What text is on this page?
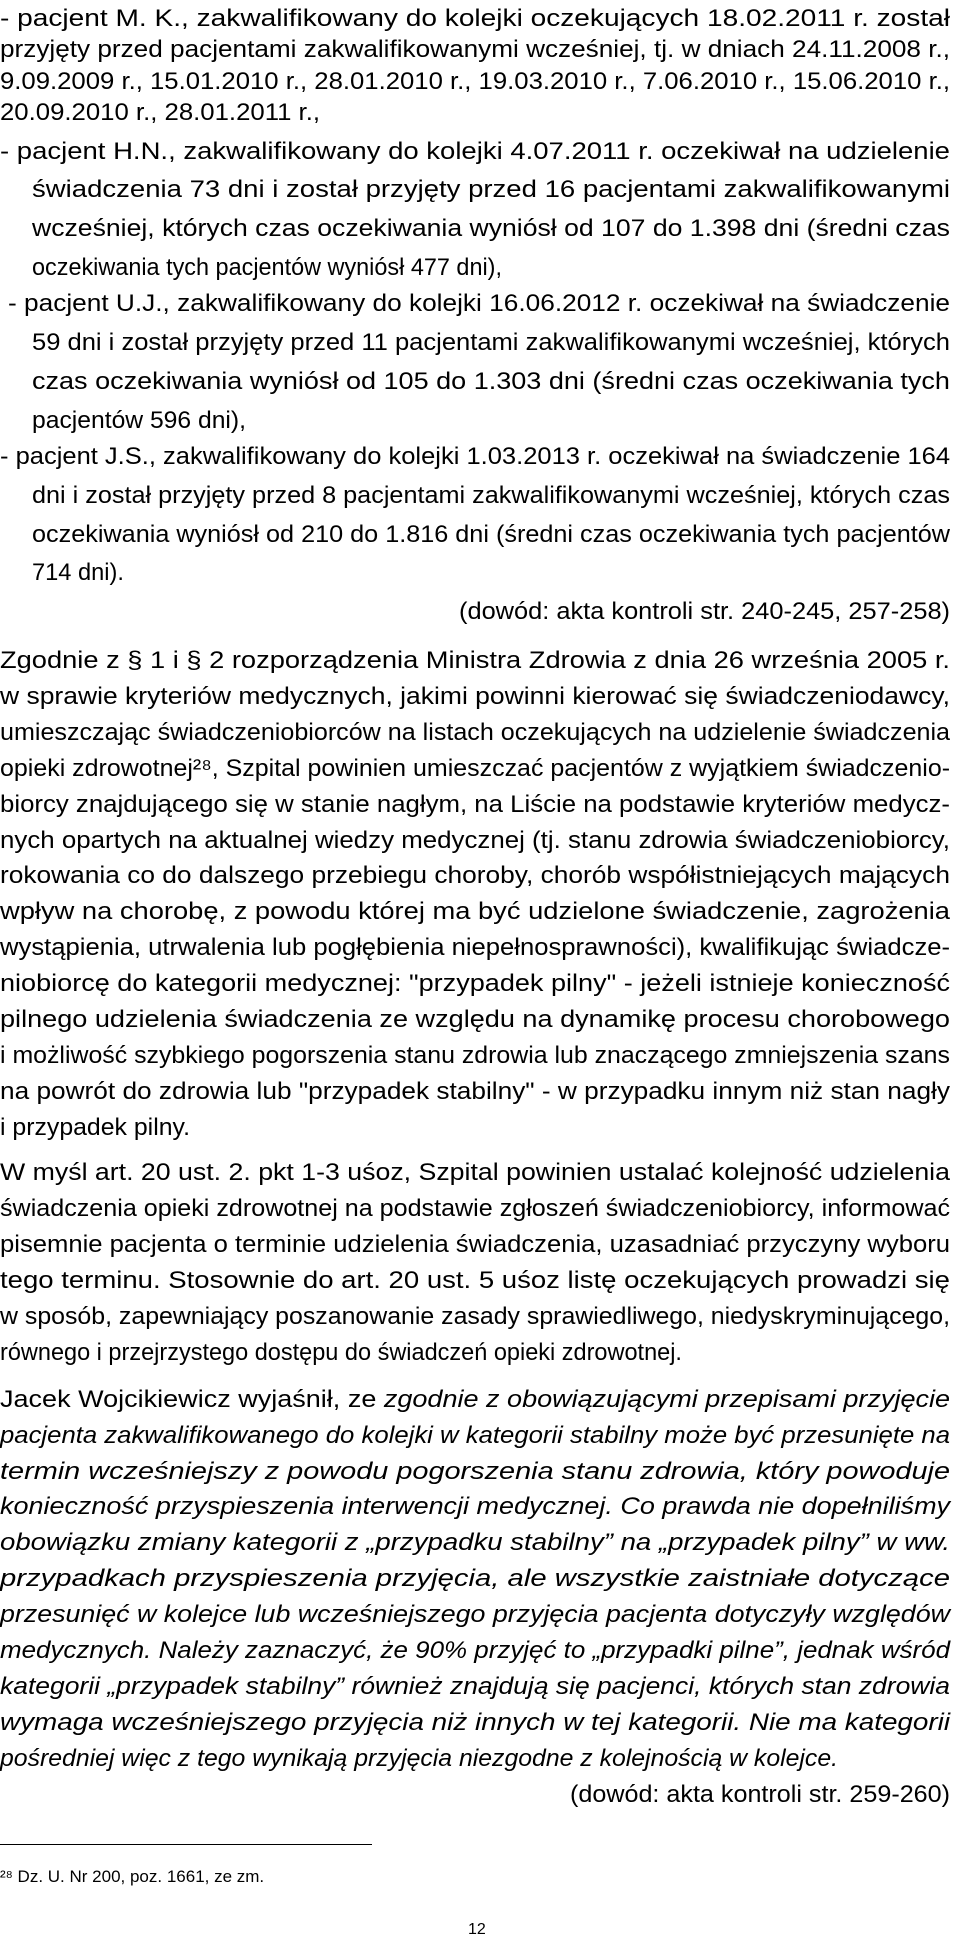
- pacjent M. K., zakwalifikowany do kolejki oczekujących 18.02.2011 r. został
przyjęty przed pacjentami zakwalifikowanymi wcześniej, tj. w dniach 24.11.2008 r.,
9.09.2009 r., 15.01.2010 r., 28.01.2010 r., 19.03.2010 r., 7.06.2010 r., 15.06.2010 r.,
20.09.2010 r., 28.01.2011 r.,
- pacjent H.N., zakwalifikowany do kolejki 4.07.2011 r. oczekiwał na udzielenie
świadczenia 73 dni i został przyjęty przed 16 pacjentami zakwalifikowanymi
wcześniej, których czas oczekiwania wyniósł od 107 do 1.398 dni (średni czas
oczekiwania tych pacjentów wyniósł 477 dni),
- pacjent U.J., zakwalifikowany do kolejki 16.06.2012 r. oczekiwał na świadczenie
59 dni i został przyjęty przed 11 pacjentami zakwalifikowanymi wcześniej, których
czas oczekiwania wyniósł od 105 do 1.303 dni (średni czas oczekiwania tych
pacjentów 596 dni),
- pacjent J.S., zakwalifikowany do kolejki 1.03.2013 r. oczekiwał na świadczenie 164
dni i został przyjęty przed 8 pacjentami zakwalifikowanymi wcześniej, których czas
oczekiwania wyniósł od 210 do 1.816 dni (średni czas oczekiwania tych pacjentów
714 dni).
(dowód: akta kontroli str. 240-245, 257-258)
Zgodnie z § 1 i § 2 rozporządzenia Ministra Zdrowia z dnia 26 września 2005 r.
w sprawie kryteriów medycznych, jakimi powinni kierować się świadczeniodawcy,
umieszczając świadczeniobiorców na listach oczekujących na udzielenie świadczenia
opieki zdrowotnej²⁸, Szpital powinien umieszczać pacjentów z wyjątkiem świadczenio-
biorcy znajdującego się w stanie nagłym, na Liście na podstawie kryteriów medycz-
nych opartych na aktualnej wiedzy medycznej (tj. stanu zdrowia świadczeniobiorcy,
rokowania co do dalszego przebiegu choroby, chorób współistniejących mających
wpływ na chorobę, z powodu której ma być udzielone świadczenie, zagrożenia
wystąpienia, utrwalenia lub pogłębienia niepełnosprawności), kwalifikując świadcze-
niobiorcę do kategorii medycznej: "przypadek pilny" - jeżeli istnieje konieczność
pilnego udzielenia świadczenia ze względu na dynamikę procesu chorobowego
i możliwość szybkiego pogorszenia stanu zdrowia lub znaczącego zmniejszenia szans
na powrót do zdrowia lub "przypadek stabilny" - w przypadku innym niż stan nagły
i przypadek pilny.
W myśl art. 20 ust. 2. pkt 1-3 uśoz, Szpital powinien ustalać kolejność udzielenia
świadczenia opieki zdrowotnej na podstawie zgłoszeń świadczeniobiorcy, informować
pisemnie pacjenta o terminie udzielenia świadczenia, uzasadniać przyczyny wyboru
tego terminu. Stosownie do art. 20 ust. 5 uśoz listę oczekujących prowadzi się
w sposób, zapewniający poszanowanie zasady sprawiedliwego, niedyskryminującego,
równego i przejrzystego dostępu do świadczeń opieki zdrowotnej.
Jacek Wojcikiewicz wyjaśnił, ze zgodnie z obowiązującymi przepisami przyjęcie
pacjenta zakwalifikowanego do kolejki w kategorii stabilny może być przesunięte na
termin wcześniejszy z powodu pogorszenia stanu zdrowia, który powoduje
konieczność przyspieszenia interwencji medycznej. Co prawda nie dopełniliśmy
obowiązku zmiany kategorii z „przypadku stabilny” na „przypadek pilny” w ww.
przypadkach przyspieszenia przyjęcia, ale wszystkie zaistniałe dotyczące
przesunięć w kolejce lub wcześniejszego przyjęcia pacjenta dotyczyły względów
medycznych. Należy zaznaczyć, że 90% przyjęć to „przypadki pilne”, jednak wśród
kategorii „przypadek stabilny” również znajdują się pacjenci, których stan zdrowia
wymaga wcześniejszego przyjęcia niż innych w tej kategorii. Nie ma kategorii
pośredniej więc z tego wynikają przyjęcia niezgodne z kolejnością w kolejce.
(dowód: akta kontroli str. 259-260)
²⁸ Dz. U. Nr 200, poz. 1661, ze zm.
12
